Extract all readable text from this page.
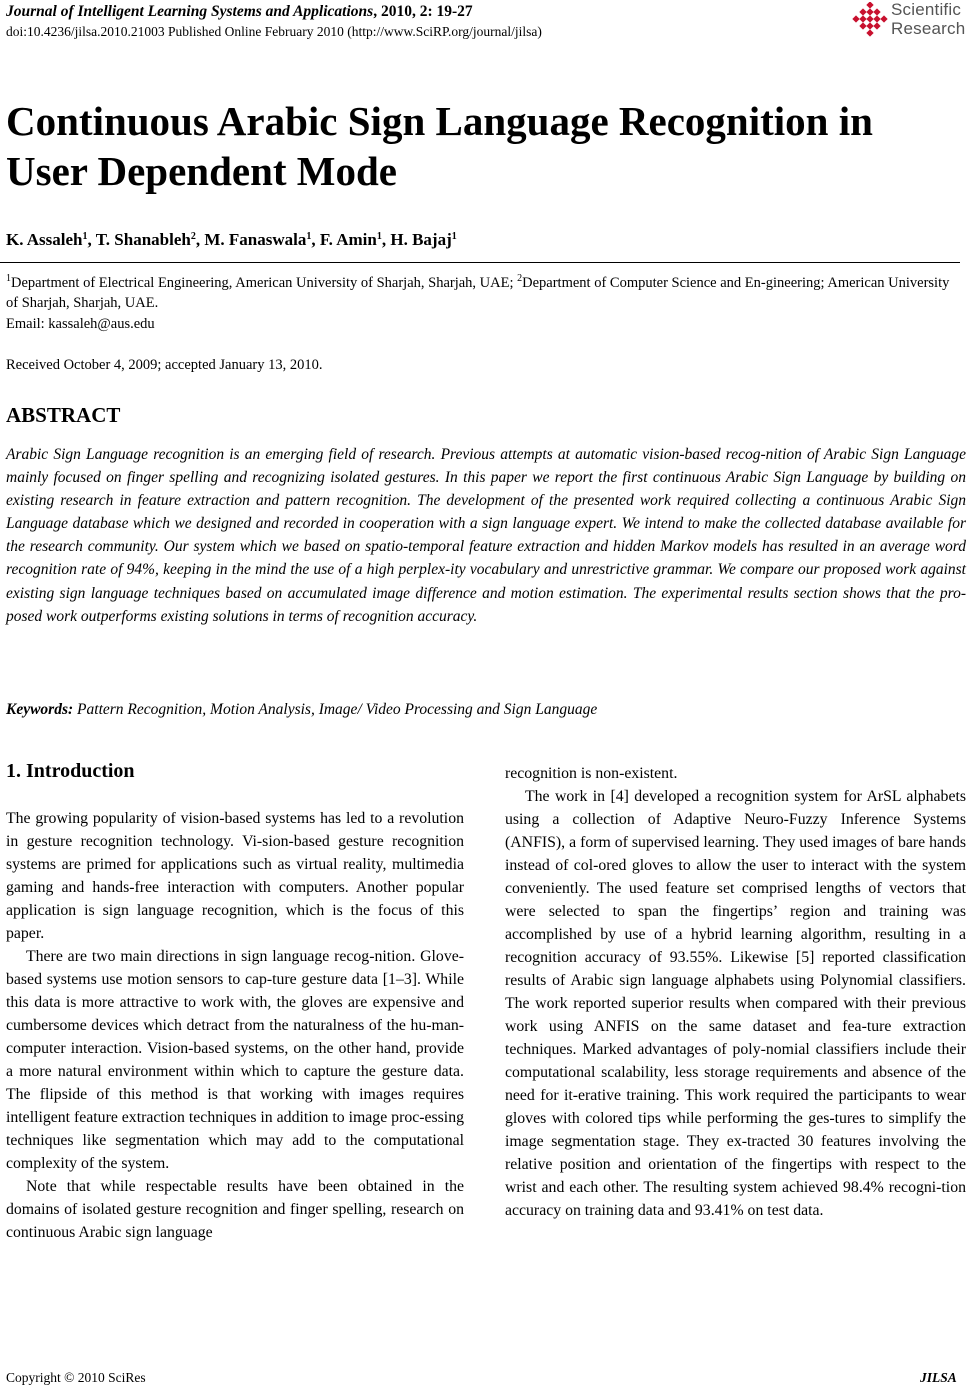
Journal of Intelligent Learning Systems and Applications, 2010, 2: 19-27
doi:10.4236/jilsa.2010.21003 Published Online February 2010 (http://www.SciRP.org/journal/jilsa)
Scientific
Research
Continuous Arabic Sign Language Recognition in User Dependent Mode
K. Assaleh$^1$, T. Shanableh$^2$, M. Fanaswala$^1$, F. Amin$^1$, H. Bajaj$^1$
$^1$Department of Electrical Engineering, American University of Sharjah, Sharjah, UAE; $^2$Department of Computer Science and En-gineering; American University of Sharjah, Sharjah, UAE.
Email: kassaleh@aus.edu
Received October 4, 2009; accepted January 13, 2010.
ABSTRACT
Arabic Sign Language recognition is an emerging field of research. Previous attempts at automatic vision-based recog-nition of Arabic Sign Language mainly focused on finger spelling and recognizing isolated gestures. In this paper we report the first continuous Arabic Sign Language by building on existing research in feature extraction and pattern recognition. The development of the presented work required collecting a continuous Arabic Sign Language database which we designed and recorded in cooperation with a sign language expert. We intend to make the collected database available for the research community. Our system which we based on spatio-temporal feature extraction and hidden Markov models has resulted in an average word recognition rate of 94%, keeping in the mind the use of a high perplex-ity vocabulary and unrestrictive grammar. We compare our proposed work against existing sign language techniques based on accumulated image difference and motion estimation. The experimental results section shows that the pro-posed work outperforms existing solutions in terms of recognition accuracy.
Keywords: Pattern Recognition, Motion Analysis, Image/ Video Processing and Sign Language
1. Introduction

The growing popularity of vision-based systems has led to a revolution in gesture recognition technology. Vi-sion-based gesture recognition systems are primed for applications such as virtual reality, multimedia gaming and hands-free interaction with computers. Another popular application is sign language recognition, which is the focus of this paper.

There are two main directions in sign language recog-nition. Glove-based systems use motion sensors to cap-ture gesture data [1–3]. While this data is more attractive to work with, the gloves are expensive and cumbersome devices which detract from the naturalness of the hu-man-computer interaction. Vision-based systems, on the other hand, provide a more natural environment within which to capture the gesture data. The flipside of this method is that working with images requires intelligent feature extraction techniques in addition to image proc-essing techniques like segmentation which may add to the computational complexity of the system.

Note that while respectable results have been obtained in the domains of isolated gesture recognition and finger spelling, research on continuous Arabic sign language

recognition is non-existent.

The work in [4] developed a recognition system for ArSL alphabets using a collection of Adaptive Neuro-Fuzzy Inference Systems (ANFIS), a form of supervised learning. They used images of bare hands instead of col-ored gloves to allow the user to interact with the system conveniently. The used feature set comprised lengths of vectors that were selected to span the fingertips’ region and training was accomplished by use of a hybrid learning algorithm, resulting in a recognition accuracy of 93.55%. Likewise [5] reported classification results of Arabic sign language alphabets using Polynomial classifiers. The work reported superior results when compared with their previous work using ANFIS on the same dataset and fea-ture extraction techniques. Marked advantages of poly-nomial classifiers include their computational scalability, less storage requirements and absence of the need for it-erative training. This work required the participants to wear gloves with colored tips while performing the ges-tures to simplify the image segmentation stage. They ex-tracted 30 features involving the relative position and orientation of the fingertips with respect to the wrist and each other. The resulting system achieved 98.4% recogni-tion accuracy on training data and 93.41% on test data.

Copyright © 2010 SciRes	JILSA
